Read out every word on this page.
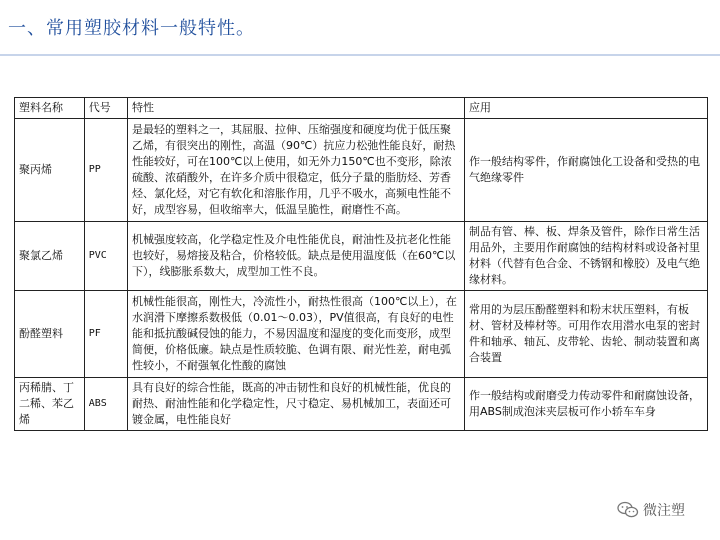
一、常用塑胶材料一般特性。
塑料名称	代号	特性	应用
聚丙烯	PP	是最轻的塑料之一，其屈服、拉伸、压缩强度和硬度均优于低压聚乙烯，有很突出的刚性，高温（90℃）抗应力松弛性能良好，耐热性能较好，可在100℃以上使用，如无外力150℃也不变形，除浓硫酸、浓硝酸外，在许多介质中很稳定，低分子量的脂肪烃、芳香烃、氯化烃，对它有软化和溶胀作用，几乎不吸水，高频电性能不好，成型容易，但收缩率大，低温呈脆性，耐磨性不高。	作一般结构零件，作耐腐蚀化工设备和受热的电气绝缘零件
聚氯乙烯	PVC	机械强度较高，化学稳定性及介电性能优良，耐油性及抗老化性能也较好，易熔接及粘合，价格较低。缺点是使用温度低（在60℃以下），线膨胀系数大，成型加工性不良。	制品有管、棒、板、焊条及管件，除作日常生活用品外，主要用作耐腐蚀的结构材料或设备衬里材料（代替有色合金、不锈钢和橡胶）及电气绝缘材料。
酚醛塑料	PF	机械性能很高，刚性大，冷流性小，耐热性很高（100℃以上），在水润滑下摩擦系数极低（0.01～0.03），PV值很高，有良好的电性能和抵抗酸碱侵蚀的能力，不易因温度和湿度的变化而变形，成型简便，价格低廉。缺点是性质较脆、色调有限、耐光性差，耐电弧性较小，不耐强氧化性酸的腐蚀	常用的为层压酚醛塑料和粉末状压塑料，有板材、管材及棒材等。可用作农用潜水电泵的密封件和轴承、轴瓦、皮带轮、齿轮、制动装置和离合装置
丙稀腈、丁二稀、苯乙烯	ABS	具有良好的综合性能，既高的冲击韧性和良好的机械性能，优良的耐热、耐油性能和化学稳定性，尺寸稳定、易机械加工，表面还可镀金属，电性能良好	作一般结构或耐磨受力传动零件和耐腐蚀设备，用ABS制成泡沫夹层板可作小轿车车身
微注塑
